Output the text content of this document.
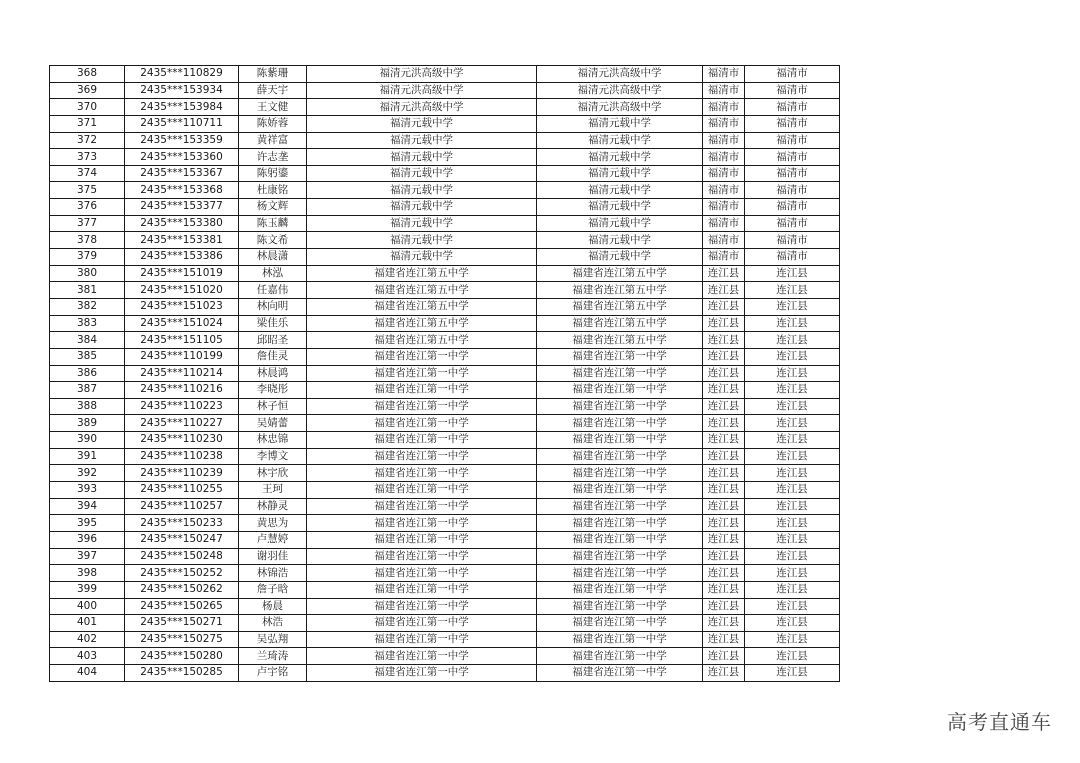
368	2435***110829	陈紫珊	福清元洪高级中学	福清元洪高级中学	福清市	福清市
369	2435***153934	薛天宇	福清元洪高级中学	福清元洪高级中学	福清市	福清市
370	2435***153984	王文健	福清元洪高级中学	福清元洪高级中学	福清市	福清市
371	2435***110711	陈娇蓉	福清元载中学	福清元载中学	福清市	福清市
372	2435***153359	黄祥富	福清元载中学	福清元载中学	福清市	福清市
373	2435***153360	许志垄	福清元载中学	福清元载中学	福清市	福清市
374	2435***153367	陈躬鎏	福清元载中学	福清元载中学	福清市	福清市
375	2435***153368	杜康铭	福清元载中学	福清元载中学	福清市	福清市
376	2435***153377	杨文辉	福清元载中学	福清元载中学	福清市	福清市
377	2435***153380	陈玉麟	福清元载中学	福清元载中学	福清市	福清市
378	2435***153381	陈文希	福清元载中学	福清元载中学	福清市	福清市
379	2435***153386	林晨潇	福清元载中学	福清元载中学	福清市	福清市
380	2435***151019	林泓	福建省连江第五中学	福建省连江第五中学	连江县	连江县
381	2435***151020	任嘉伟	福建省连江第五中学	福建省连江第五中学	连江县	连江县
382	2435***151023	林向明	福建省连江第五中学	福建省连江第五中学	连江县	连江县
383	2435***151024	梁佳乐	福建省连江第五中学	福建省连江第五中学	连江县	连江县
384	2435***151105	邱昭圣	福建省连江第五中学	福建省连江第五中学	连江县	连江县
385	2435***110199	詹佳灵	福建省连江第一中学	福建省连江第一中学	连江县	连江县
386	2435***110214	林晨鸿	福建省连江第一中学	福建省连江第一中学	连江县	连江县
387	2435***110216	李晓彤	福建省连江第一中学	福建省连江第一中学	连江县	连江县
388	2435***110223	林子恒	福建省连江第一中学	福建省连江第一中学	连江县	连江县
389	2435***110227	吴婧蕾	福建省连江第一中学	福建省连江第一中学	连江县	连江县
390	2435***110230	林忠锦	福建省连江第一中学	福建省连江第一中学	连江县	连江县
391	2435***110238	李博文	福建省连江第一中学	福建省连江第一中学	连江县	连江县
392	2435***110239	林宇欣	福建省连江第一中学	福建省连江第一中学	连江县	连江县
393	2435***110255	王珂	福建省连江第一中学	福建省连江第一中学	连江县	连江县
394	2435***110257	林静灵	福建省连江第一中学	福建省连江第一中学	连江县	连江县
395	2435***150233	黄思为	福建省连江第一中学	福建省连江第一中学	连江县	连江县
396	2435***150247	卢慧婷	福建省连江第一中学	福建省连江第一中学	连江县	连江县
397	2435***150248	谢羽佳	福建省连江第一中学	福建省连江第一中学	连江县	连江县
398	2435***150252	林锦浩	福建省连江第一中学	福建省连江第一中学	连江县	连江县
399	2435***150262	詹子晗	福建省连江第一中学	福建省连江第一中学	连江县	连江县
400	2435***150265	杨晨	福建省连江第一中学	福建省连江第一中学	连江县	连江县
401	2435***150271	林浩	福建省连江第一中学	福建省连江第一中学	连江县	连江县
402	2435***150275	吴弘翔	福建省连江第一中学	福建省连江第一中学	连江县	连江县
403	2435***150280	兰琦涛	福建省连江第一中学	福建省连江第一中学	连江县	连江县
404	2435***150285	卢宇铭	福建省连江第一中学	福建省连江第一中学	连江县	连江县
高考直通车
